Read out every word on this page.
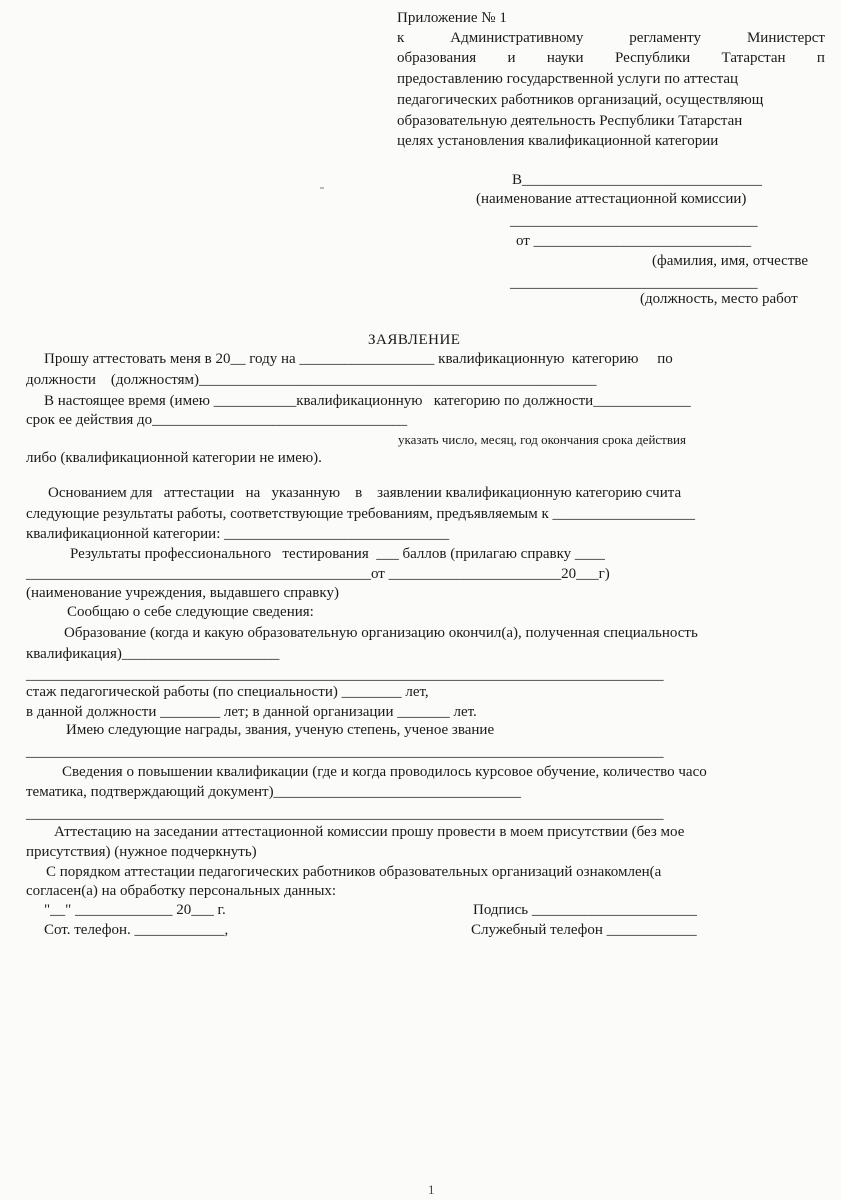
Приложение № 1
к	Административному	регламенту	Министерст
образования и науки Республики Татарстан п
предоставлению государственной услуги по аттестац
педагогических работников организаций, осуществляющ
образовательную деятельность Республики Татарстан
целях установления квалификационной категории
В________________________________
(наименование аттестационной комиссии)
_________________________________
от _____________________________
(фамилия, имя, отчестве
_________________________________
(должность, место работ
ЗАЯВЛЕНИЕ
Прошу аттестовать меня в 20__ году на __________________ квалификационную  категорию     по
должности    (должностям)_____________________________________________________
В настоящее время (имею ___________квалификационную   категорию по должности_____________
срок ее действия до__________________________________
указать число, месяц, год окончания срока действия
либо (квалификационной категории не имею).
Основанием для   аттестации   на   указанную    в    заявлении квалификационную категорию счита
следующие результаты работы, соответствующие требованиям, предъявляемым к ___________________
квалификационной категории: ______________________________
Результаты профессионального   тестирования  ___ баллов (прилагаю справку ____
______________________________________________от _______________________20___г)
(наименование учреждения, выдавшего справку)
Сообщаю о себе следующие сведения:
Образование (когда и какую образовательную организацию окончил(а), полученная специальность
квалификация)_____________________
_____________________________________________________________________________________
стаж педагогической работы (по специальности) ________ лет,
в данной должности ________ лет; в данной организации _______ лет.
Имею следующие награды, звания, ученую степень, ученое звание
_____________________________________________________________________________________
Сведения о повышении квалификации (где и когда проводилось курсовое обучение, количество часо
тематика, подтверждающий документ)_________________________________
_____________________________________________________________________________________
Аттестацию на заседании аттестационной комиссии прошу провести в моем присутствии (без мое
присутствия) (нужное подчеркнуть)
С порядком аттестации педагогических работников образовательных организаций ознакомлен(а
согласен(а) на обработку персональных данных:
"__" _____________ 20___ г.	Подпись ______________________
Сот. телефон. ____________,	Служебный телефон ____________
1
